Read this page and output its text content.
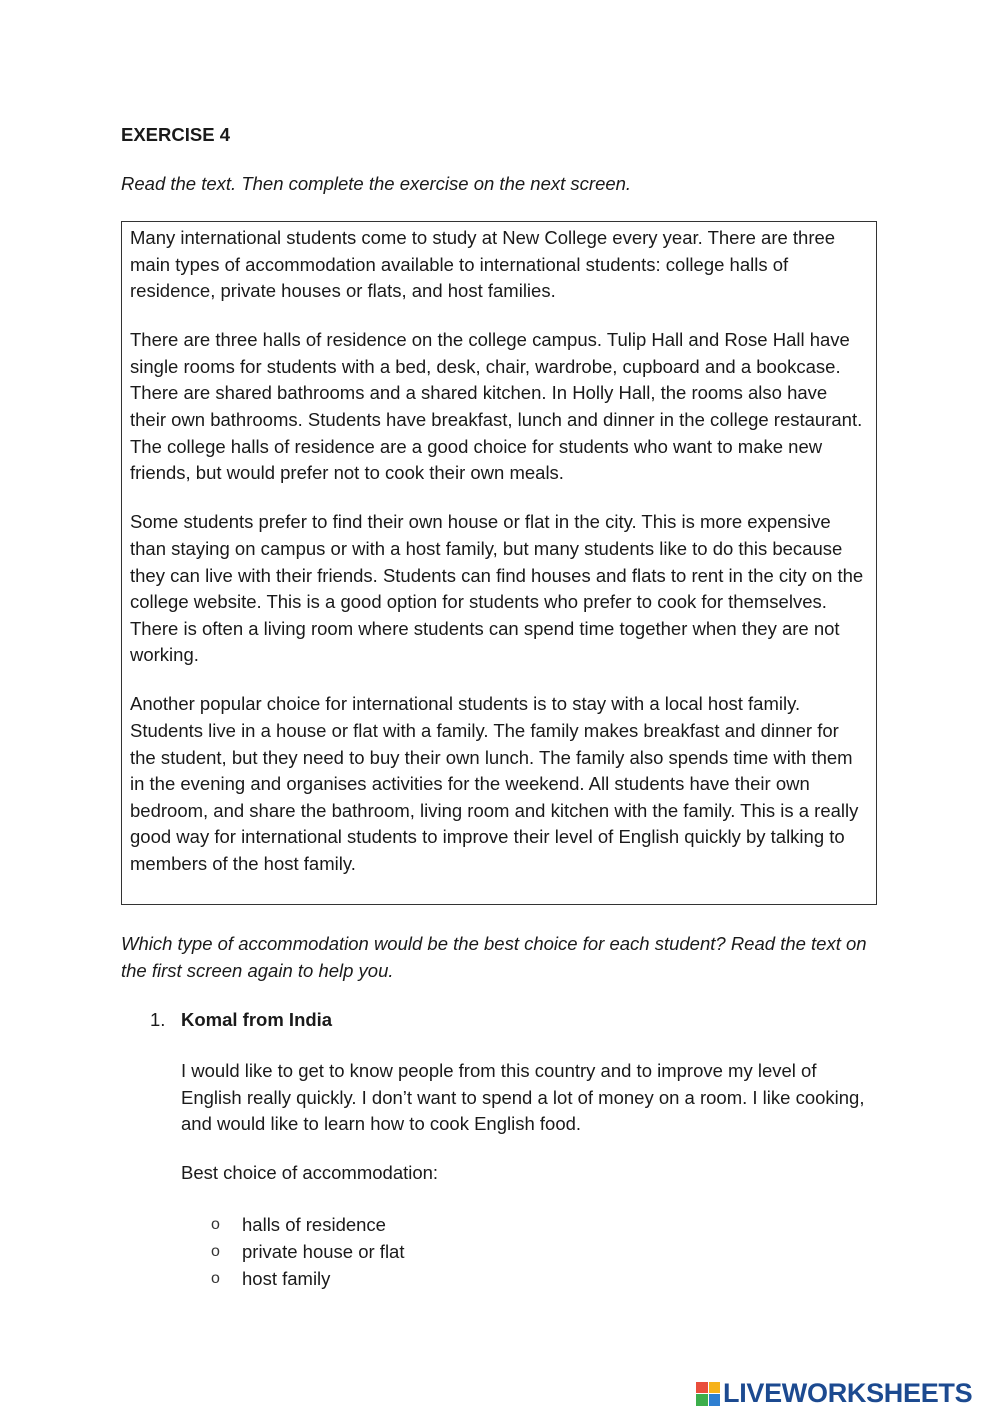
EXERCISE 4
Read the text. Then complete the exercise on the next screen.

Many international students come to study at New College every year. There are three main types of accommodation available to international students: college halls of residence, private houses or flats, and host families.

There are three halls of residence on the college campus. Tulip Hall and Rose Hall have single rooms for students with a bed, desk, chair, wardrobe, cupboard and a bookcase. There are shared bathrooms and a shared kitchen. In Holly Hall, the rooms also have their own bathrooms. Students have breakfast, lunch and dinner in the college restaurant. The college halls of residence are a good choice for students who want to make new friends, but would prefer not to cook their own meals.

Some students prefer to find their own house or flat in the city. This is more expensive than staying on campus or with a host family, but many students like to do this because they can live with their friends. Students can find houses and flats to rent in the city on the college website. This is a good option for students who prefer to cook for themselves. There is often a living room where students can spend time together when they are not working.

Another popular choice for international students is to stay with a local host family. Students live in a house or flat with a family. The family makes breakfast and dinner for the student, but they need to buy their own lunch. The family also spends time with them in the evening and organises activities for the weekend. All students have their own bedroom, and share the bathroom, living room and kitchen with the family. This is a really good way for international students to improve their level of English quickly by talking to members of the host family.

Which type of accommodation would be the best choice for each student? Read the text on the first screen again to help you.

1. Komal from India

I would like to get to know people from this country and to improve my level of English really quickly. I don’t want to spend a lot of money on a room. I like cooking, and would like to learn how to cook English food.

Best choice of accommodation:
o	halls of residence
o	private house or flat
o	host family
LIVEWORKSHEETS
